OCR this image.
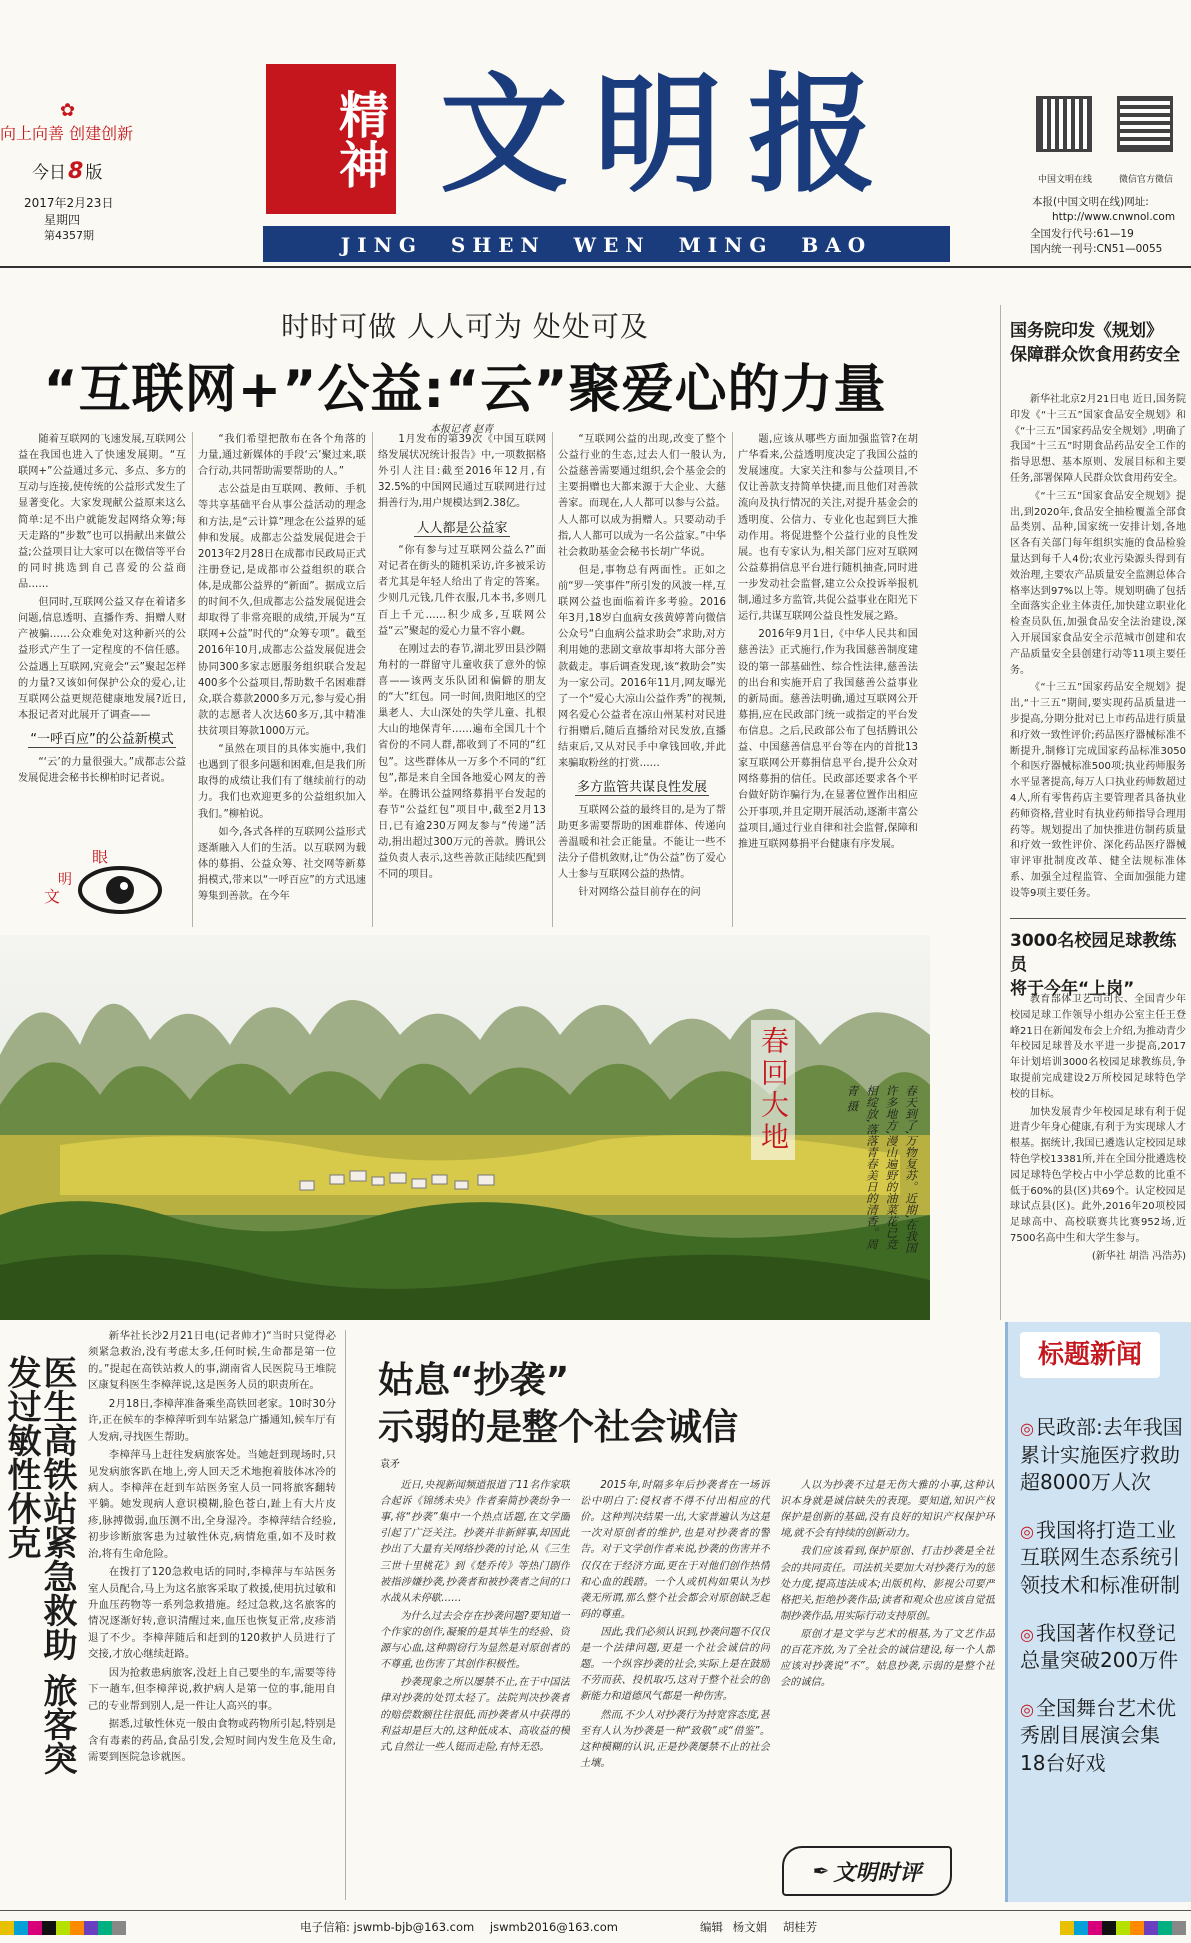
✿
向上向善 创建创新
今日8 版
2017年2月23日
星期四
第4357期
精神 文明报
JING  SHEN  WEN  MING  BAO
中国文明在线	微信官方微信
本报(中国文明在线)网址:
http://www.cnwnol.com
全国发行代号:61—19
国内统一刊号:CN51—0055
时时可做 人人可为 处处可及
“互联网+”公益:“云”聚爱心的力量
本报记者 赵青

随着互联网的飞速发展,互联网公益在我国也进入了快速发展期。“互联网+”公益通过多元、多点、多方的互动与连接,使传统的公益形式发生了显著变化。大家发现献公益原来这么简单:足不出户就能发起网络众筹;每天走路的“步数”也可以捐献出来做公益;公益项目让大家可以在微信等平台的同时挑选到自己喜爱的公益商品……

但同时,互联网公益又存在着诸多问题,信息透明、直播作秀、捐赠人财产被骗……公众难免对这种新兴的公益形式产生了一定程度的不信任感。公益遇上互联网,究竟会“云”聚起怎样的力量?又该如何保护公众的爱心,让互联网公益更规范健康地发展?近日,本报记者对此展开了调查——

“一呼百应”的公益新模式

“‘云’的力量很强大。”成都志公益发展促进会秘书长柳柏时记者说。

眼
文
明

“我们希望把散布在各个角落的力量,通过新媒体的手段‘云’聚过来,联合行动,共同帮助需要帮助的人。”

志公益是由互联网、教师、手机等共享基础平台从事公益活动的理念和方法,是“云计算”理念在公益界的延伸和发展。成都志公益发展促进会于2013年2月28日在成都市民政局正式注册登记,是成都市公益组织的联合体,是成都公益界的“新面”。据成立后的时间不久,但成都志公益发展促进会却取得了非常亮眼的成绩,开展为“互联网+公益”时代的“众筹专项”。截至2016年10月,成都志公益发展促进会协同300多家志愿服务组织联合发起400多个公益项目,帮助数千名困难群众,联合募款2000多万元,参与爱心捐款的志愿者人次达60多万,其中精准扶贫项目筹款1000万元。

“虽然在项目的具体实施中,我们也遇到了很多问题和困难,但是我们所取得的成绩让我们有了继续前行的动力。我们也欢迎更多的公益组织加入我们。”柳柏说。

如今,各式各样的互联网公益形式逐渐融入人们的生活。以互联网为载体的募捐、公益众筹、社交网等新募捐模式,带来以“一呼百应”的方式迅速筹集到善款。在今年

1月发布的第39次《中国互联网络发展状况统计报告》中,一项数据格外引人注目:截至2016年12月,有32.5%的中国网民通过互联网进行过捐善行为,用户规模达到2.38亿。

人人都是公益家

“你有参与过互联网公益么?”面对记者在街头的随机采访,许多被采访者尤其是年轻人给出了肯定的答案。少则几元钱,几件衣服,几本书,多则几百上千元……积少成多,互联网公益“云”聚起的爱心力量不容小觑。

在刚过去的春节,湖北罗田县沙隔角村的一群留守儿童收获了意外的惊喜——该两支乐队团和偏僻的朋友的“大”红包。同一时间,贵阳地区的空巢老人、大山深处的失学儿童、扎根大山的地保青年……遍布全国几十个省份的不同人群,都收到了不同的“红包”。这些群体从一万多个不同的“红包”,都是来自全国各地爱心网友的善举。在腾讯公益网络募捐平台发起的春节“公益红包”项目中,截至2月13日,已有逾230万网友参与“传递”活动,捐出超过300万元的善款。腾讯公益负责人表示,这些善款正陆续匹配到不同的项目。

“互联网公益的出现,改变了整个公益行业的生态,过去人们一般认为,公益慈善需要通过组织,会个基金会的主要捐赠也大都来源于大企业、大慈善家。而现在,人人都可以参与公益。人人都可以成为捐赠人。只要动动手指,人人都可以成为一名公益家。”中华社会救助基金会秘书长胡广华说。

但是,事物总有两面性。正如之前“罗一笑事件”所引发的风波一样,互联网公益也面临着许多考验。2016年3月,18岁白血病女孩黄婷菁向微信公众号“白血病公益求助会”求助,对方利用她的悲剧文章故事却将大部分善款截走。事后调查发现,该“救助会”实为一家公司。2016年11月,网友曝光了一个“爱心大凉山公益作秀”的视频,网名爱心公益者在凉山州某村对民进行捐赠后,随后直播给对民发放,直播结束后,又从对民手中拿钱回收,并此来骗取粉丝的打赏……

多方监管共谋良性发展

互联网公益的最终目的,是为了帮助更多需要帮助的困难群体、传递向善温暖和社会正能量。不能让一些不法分子借机敛财,让“伪公益”伤了爱心人士参与互联网公益的热情。

针对网络公益目前存在的问

题,应该从哪些方面加强监管?在胡广华看来,公益透明度决定了我国公益的发展速度。大家关注和参与公益项目,不仅让善款支持简单快捷,而且他们对善款流向及执行情况的关注,对提升基金会的透明度、公信力、专业化也起到巨大推动作用。将促进整个公益行业的良性发展。也有专家认为,相关部门应对互联网公益募捐信息平台进行随机抽查,同时进一步发动社会监督,建立公众投诉举报机制,通过多方监管,共促公益事业在阳光下运行,共谋互联网公益良性发展之路。

2016年9月1日,《中华人民共和国慈善法》正式施行,作为我国慈善制度建设的第一部基础性、综合性法律,慈善法的出台和实施开启了我国慈善公益事业的新局面。慈善法明确,通过互联网公开募捐,应在民政部门统一或指定的平台发布信息。之后,民政部公布了包括腾讯公益、中国慈善信息平台等在内的首批13家互联网公开募捐信息平台,提升公众对网络募捐的信任。民政部还要求各个平台做好防诈骗行为,在显著位置作出相应公开事项,并且定期开展活动,逐渐丰富公益项目,通过行业自律和社会监督,保障和推进互联网募捐平台健康有序发展。

春回大地	春天到了,万物复苏。近期,在我国许多地方,漫山遍野的油菜花已竞相绽放,落落青春美日的清香。周青 摄
国务院印发《规划》
保障群众饮食用药安全

新华社北京2月21日电 近日,国务院印发《“十三五”国家食品安全规划》和《“十三五”国家药品安全规划》,明确了我国“十三五”时期食品药品安全工作的指导思想、基本原则、发展目标和主要任务,部署保障人民群众饮食用药安全。

《“十三五”国家食品安全规划》提出,到2020年,食品安全抽检覆盖全部食品类别、品种,国家统一安排计划,各地区各有关部门每年组织实施的食品检验量达到每千人4份;农业污染源头得到有效治理,主要农产品质量安全监测总体合格率达到97%以上等。规划明确了包括全面落实企业主体责任,加快建立职业化检查员队伍,加强食品安全法治建设,深入开展国家食品安全示范城市创建和农产品质量安全县创建行动等11项主要任务。

《“十三五”国家药品安全规划》提出,“十三五”期间,要实现药品质量进一步提高,分期分批对已上市药品进行质量和疗效一致性评价;药品医疗器械标准不断提升,制修订完成国家药品标准3050个和医疗器械标准500项;执业药师服务水平显著提高,每万人口执业药师数超过4人,所有零售药店主要管理者具备执业药师资格,营业时有执业药师指导合理用药等。规划提出了加快推进仿制药质量和疗效一致性评价、深化药品医疗器械审评审批制度改革、健全法规标准体系、加强全过程监管、全面加强能力建设等9项主要任务。

3000名校园足球教练员
将于今年“上岗”

教育部体卫艺司司长、全国青少年校园足球工作领导小组办公室主任王登峰21日在新闻发布会上介绍,为推动青少年校园足球普及水平进一步提高,2017年计划培训3000名校园足球教练员,争取提前完成建设2万所校园足球特色学校的目标。

加快发展青少年校园足球有利于促进青少年身心健康,有利于为实现球人才根基。据统计,我国已遴选认定校园足球特色学校13381所,并在全国分批遴选校园足球特色学校占中小学总数的比重不低于60%的县(区)共69个。认定校园足球试点县(区)。此外,2016年20项校园足球高中、高校联赛共比赛952场,近7500名高中生和大学生参与。

(新华社 胡浩 冯浩苏)
标题新闻
◎ 民政部:去年我国累计实施医疗救助超8000万人次
◎ 我国将打造工业互联网生态系统引领技术和标准研制
◎ 我国著作权登记总量突破200万件
◎ 全国舞台艺术优秀剧目展演会集18台好戏
医生高铁站紧急救助 旅客突发过敏性休克

新华社长沙2月21日电(记者帅才)“当时只觉得必须紧急救治,没有考虑太多,任何时候,生命都是第一位的。”提起在高铁站救人的事,湖南省人民医院马王堆院区康复科医生李樟萍说,这是医务人员的职责所在。

2月18日,李樟萍准备乘坐高铁回老家。10时30分许,正在候车的李樟萍听到车站紧急广播通知,候车厅有人发病,寻找医生帮助。

李樟萍马上赶往发病旅客处。当她赶到现场时,只见发病旅客趴在地上,旁人回天乏术地抱着肢体冰冷的病人。李樟萍在赶到车站医务室人员一同将旅客翻转平躺。她发现病人意识模糊,脸色苍白,趾上有大片皮疹,脉搏微弱,血压测不出,全身湿冷。李樟萍结合经验,初步诊断旅客患为过敏性休克,病情危重,如不及时救治,将有生命危险。

在拨打了120急救电话的同时,李樟萍与车站医务室人员配合,马上为这名旅客采取了救援,使用抗过敏和升血压药物等一系列急救措施。经过急救,这名旅客的情况逐渐好转,意识清醒过来,血压也恢复正常,皮疹消退了不少。李樟萍随后和赶到的120救护人员进行了交接,才放心继续赶路。

因为抢救患病旅客,没赶上自己要坐的车,需要等待下一趟车,但李樟萍说,救护病人是第一位的事,能用自己的专业帮到别人,是一件让人高兴的事。

据悉,过敏性休克一般由食物或药物所引起,特别是含有毒素的药品,食品引发,会短时间内发生危及生命,需要到医院急诊就医。

姑息“抄袭”
示弱的是整个社会诚信
袁矛

近日,央视新闻频道报道了11名作家联合起诉《锦绣未央》作者秦简抄袭纷争一事,将“抄袭”集中一个热点话题,在文学圈引起了广泛关注。抄袭并非新鲜事,却因此抄出了大量有关网络抄袭的讨论,从《三生三世十里桃花》到《楚乔传》等热门剧作被指涉嫌抄袭,抄袭者和被抄袭者之间的口水战从未停歇……

为什么过去会存在抄袭问题?要知道一个作家的创作,凝聚的是其毕生的经验、资源与心血,这种剽窃行为显然是对原创者的不尊重,也伤害了其创作积极性。

抄袭现象之所以屡禁不止,在于中国法律对抄袭的处罚太轻了。法院判决抄袭者的赔偿数额往往很低,而抄袭者从中获得的利益却是巨大的,这种低成本、高收益的模式,自然让一些人铤而走险,有恃无恐。

2015年,时隔多年后抄袭者在一场诉讼中明白了:侵权者不得不付出相应的代价。这种判决结果一出,大家普遍认为这是一次对原创者的维护,也是对抄袭者的警告。对于文学创作者来说,抄袭的伤害并不仅仅在于经济方面,更在于对他们创作热情和心血的践踏。一个人或机构如果认为抄袭无所谓,那么整个社会都会对原创缺乏起码的尊重。

因此,我们必须认识到,抄袭问题不仅仅是一个法律问题,更是一个社会诚信的问题。一个纵容抄袭的社会,实际上是在鼓励不劳而获、投机取巧,这对于整个社会的创新能力和道德风气都是一种伤害。

然而,不少人对抄袭行为持宽容态度,甚至有人认为抄袭是一种“致敬”或“借鉴”。这种模糊的认识,正是抄袭屡禁不止的社会土壤。

人以为抄袭不过是无伤大雅的小事,这种认识本身就是诚信缺失的表现。要知道,知识产权保护是创新的基础,没有良好的知识产权保护环境,就不会有持续的创新动力。

我们应该看到,保护原创、打击抄袭是全社会的共同责任。司法机关要加大对抄袭行为的惩处力度,提高违法成本;出版机构、影视公司要严格把关,拒绝抄袭作品;读者和观众也应该自觉抵制抄袭作品,用实际行动支持原创。

原创才是文学与艺术的根基,为了文艺作品的百花齐放,为了全社会的诚信建设,每一个人都应该对抄袭说“不”。姑息抄袭,示弱的是整个社会的诚信。

✒ 文明时评
电子信箱: jswmb-bjb@163.com jswmb2016@163.com	编辑 杨文娟 胡桂芳
